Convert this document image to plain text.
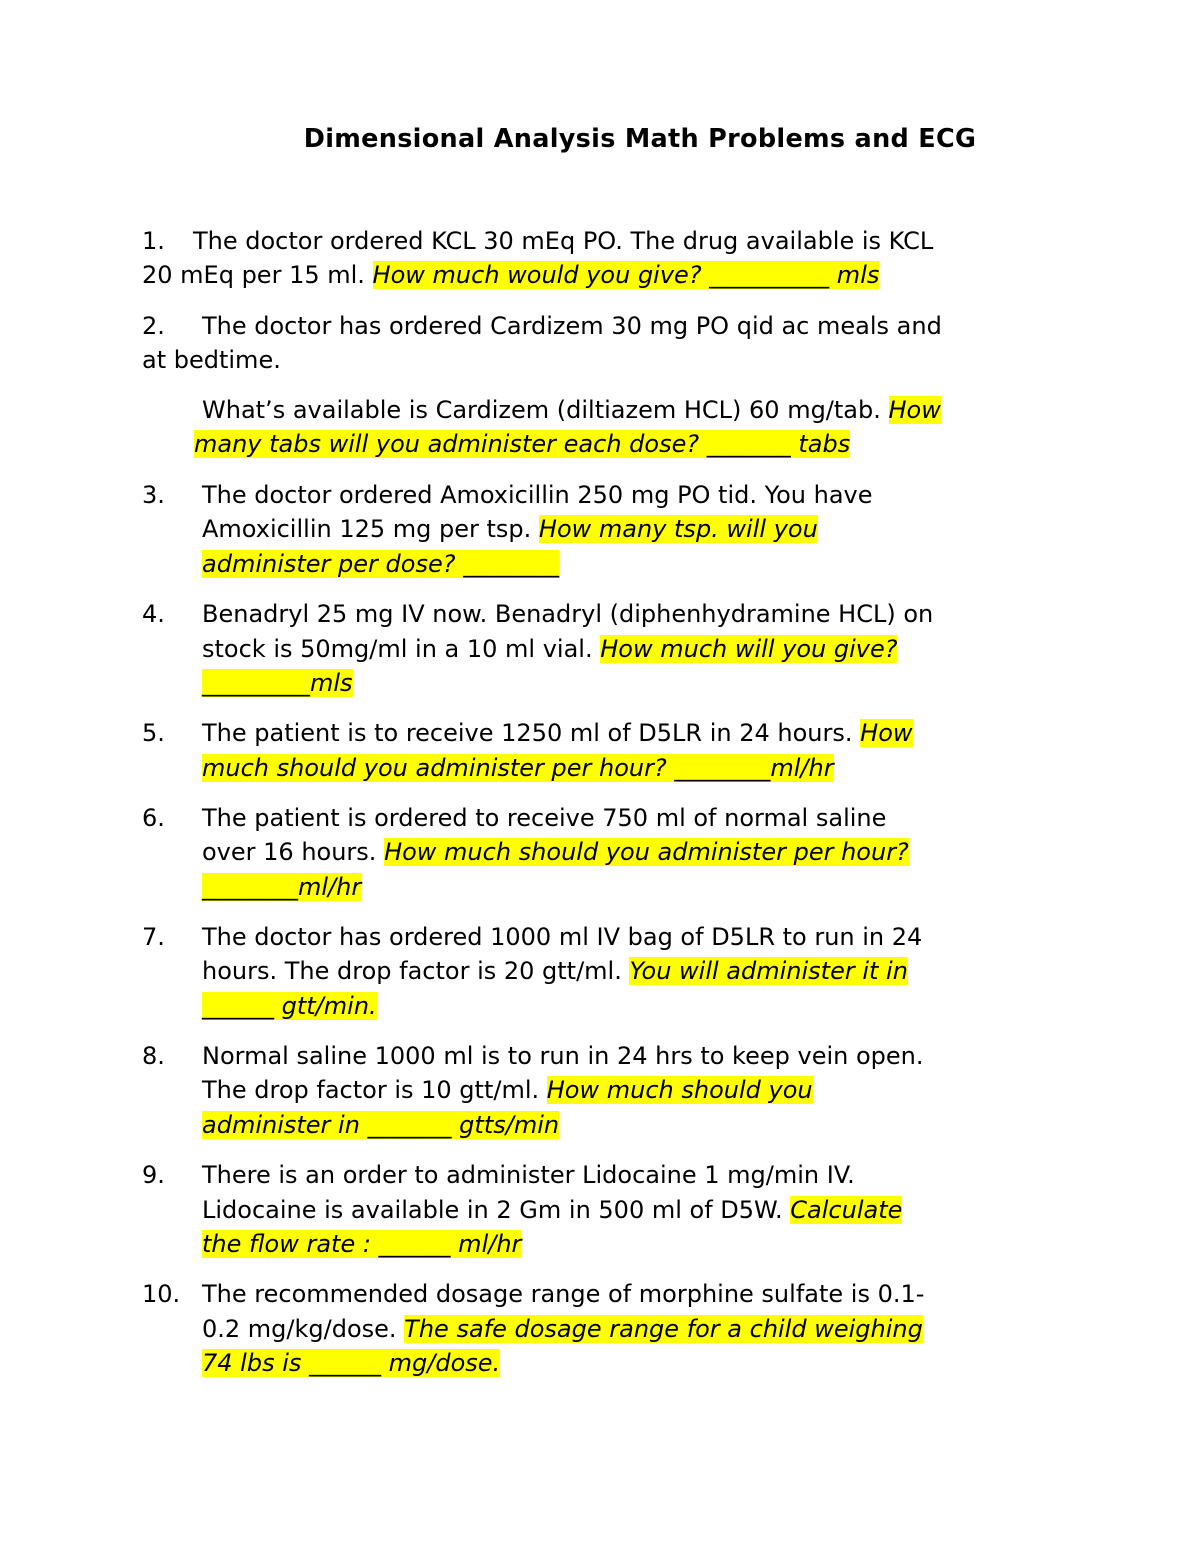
Dimensional Analysis Math Problems and ECG
1. The doctor ordered KCL 30 mEq PO. The drug available is KCL
20 mEq per 15 ml. How much would you give? __________ mls
2. The doctor has ordered Cardizem 30 mg PO qid ac meals and
at bedtime.
What’s available is Cardizem (diltiazem HCL) 60 mg/tab. How
many tabs will you administer each dose? _______ tabs
3. The doctor ordered Amoxicillin 250 mg PO tid. You have
Amoxicillin 125 mg per tsp. How many tsp. will you
administer per dose? ________
4. Benadryl 25 mg IV now. Benadryl (diphenhydramine HCL) on
stock is 50mg/ml in a 10 ml vial. How much will you give?
_________mls
5. The patient is to receive 1250 ml of D5LR in 24 hours. How
much should you administer per hour? ________ml/hr
6. The patient is ordered to receive 750 ml of normal saline
over 16 hours. How much should you administer per hour?
________ml/hr
7. The doctor has ordered 1000 ml IV bag of D5LR to run in 24
hours. The drop factor is 20 gtt/ml. You will administer it in
______ gtt/min.
8. Normal saline 1000 ml is to run in 24 hrs to keep vein open.
The drop factor is 10 gtt/ml. How much should you
administer in _______ gtts/min
9. There is an order to administer Lidocaine 1 mg/min IV.
Lidocaine is available in 2 Gm in 500 ml of D5W. Calculate
the flow rate : ______ ml/hr
10. The recommended dosage range of morphine sulfate is 0.1-
0.2 mg/kg/dose. The safe dosage range for a child weighing
74 lbs is ______ mg/dose.
